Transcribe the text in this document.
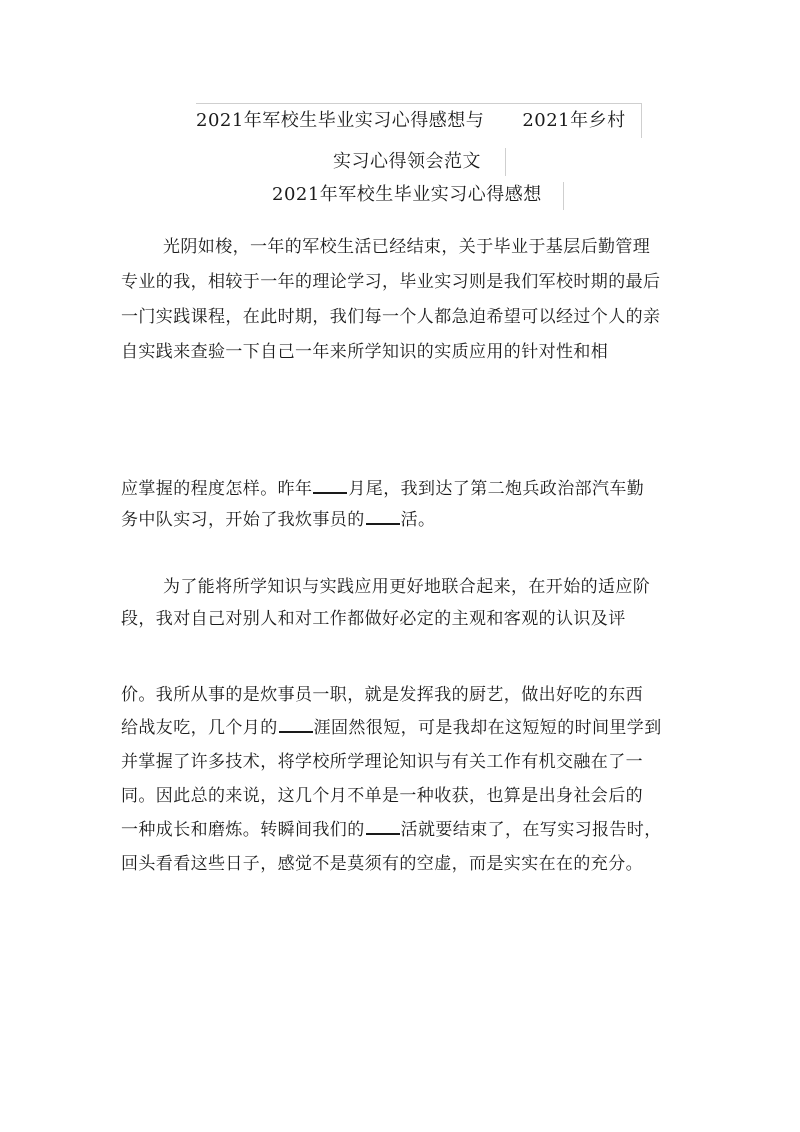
2021年军校生毕业实习心得感想与 2021年乡村
实习心得领会范文
2021年军校生毕业实习心得感想
光阴如梭，一年的军校生活已经结束，关于毕业于基层后勤管理
专业的我，相较于一年的理论学习，毕业实习则是我们军校时期的最后
一门实践课程，在此时期，我们每一个人都急迫希望可以经过个人的亲
自实践来查验一下自己一年来所学知识的实质应用的针对性和相
应掌握的程度怎样。昨年 月尾，我到达了第二炮兵政治部汽车勤
务中队实习，开始了我炊事员的 活。
为了能将所学知识与实践应用更好地联合起来，在开始的适应阶
段，我对自己对别人和对工作都做好必定的主观和客观的认识及评
价。我所从事的是炊事员一职，就是发挥我的厨艺，做出好吃的东西
给战友吃，几个月的 涯固然很短，可是我却在这短短的时间里学到
并掌握了许多技术，将学校所学理论知识与有关工作有机交融在了一
同。因此总的来说，这几个月不单是一种收获，也算是出身社会后的
一种成长和磨炼。转瞬间我们的 活就要结束了，在写实习报告时，
回头看看这些日子，感觉不是莫须有的空虚，而是实实在在的充分。
